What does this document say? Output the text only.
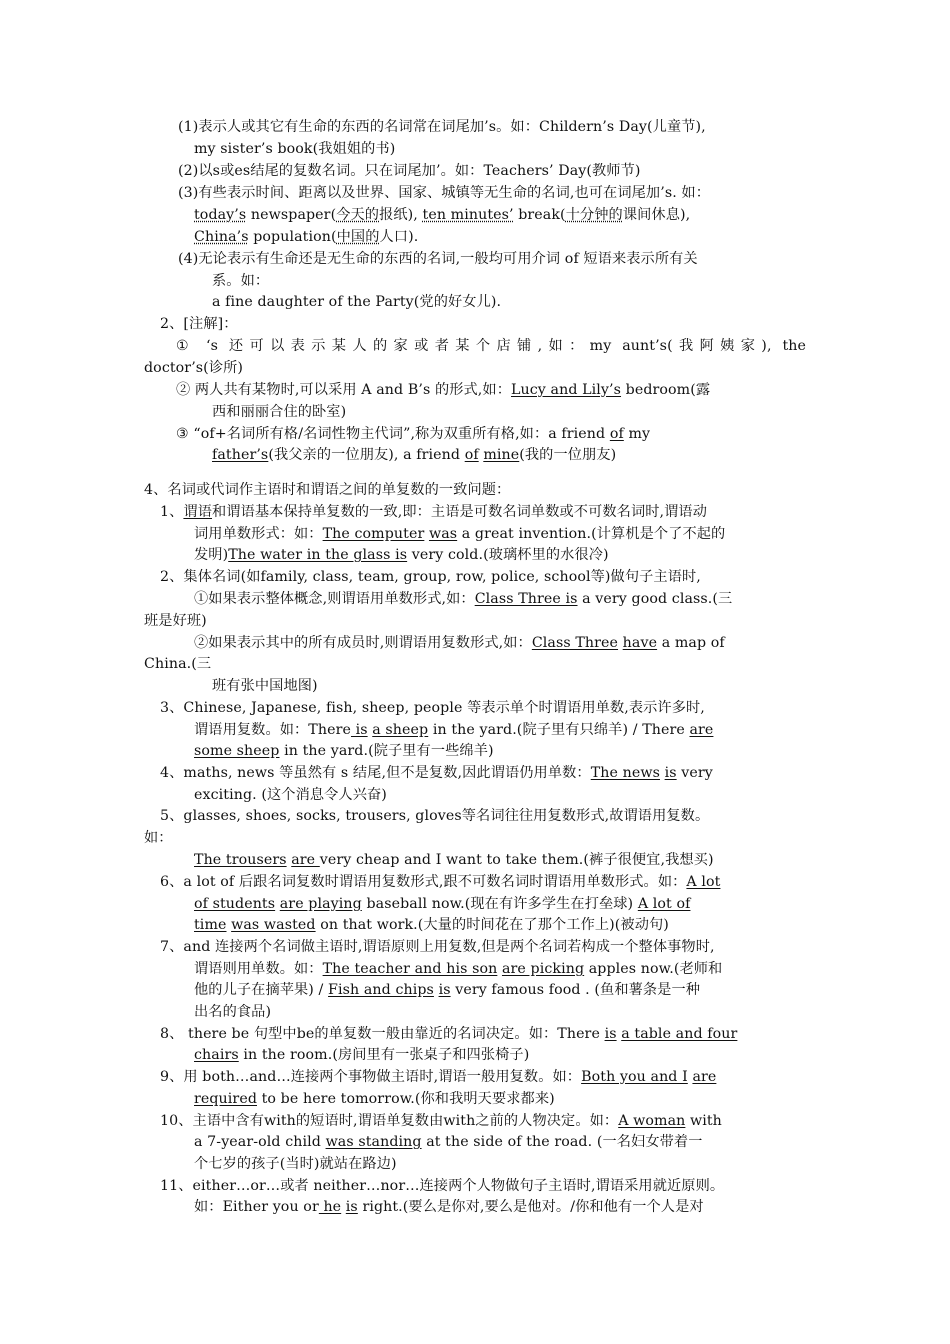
(1)表示人或其它有生命的东西的名词常在词尾加’s。如：Childern’s Day(儿童节),
my sister’s book(我姐姐的书)
(2)以s或es结尾的复数名词。只在词尾加’。如：Teachers’ Day(教师节)
(3)有些表示时间、距离以及世界、国家、城镇等无生命的名词,也可在词尾加’s. 如：
today’s newspaper(今天的报纸), ten minutes’ break(十分钟的课间休息),
China’s population(中国的人口).
(4)无论表示有生命还是无生命的东西的名词,一般均可用介词 of 短语来表示所有关
系。如：
a fine daughter of the Party(党的好女儿).
2、[注解]：
① ‘s 还可以表示某人的家或者某个店铺,如：my aunt’s(我阿姨家), the
doctor’s(诊所)
② 两人共有某物时,可以采用 A and B’s 的形式,如：Lucy and Lily’s bedroom(露
西和丽丽合住的卧室)
③ “of+名词所有格/名词性物主代词”,称为双重所有格,如：a friend of my
father’s(我父亲的一位朋友), a friend of mine(我的一位朋友)
4、名词或代词作主语时和谓语之间的单复数的一致问题：
1、谓语和谓语基本保持单复数的一致,即：主语是可数名词单数或不可数名词时,谓语动
词用单数形式：如：The computer was a great invention.(计算机是个了不起的
发明)The water in the glass is very cold.(玻璃杯里的水很冷)
2、集体名词(如family, class, team, group, row, police, school等)做句子主语时,
①如果表示整体概念,则谓语用单数形式,如：Class Three is a very good class.(三
班是好班)
②如果表示其中的所有成员时,则谓语用复数形式,如：Class Three have a map of
China.(三
班有张中国地图)
3、Chinese, Japanese, fish, sheep, people 等表示单个时谓语用单数,表示许多时,
谓语用复数。如：There is a sheep in the yard.(院子里有只绵羊) / There are
some sheep in the yard.(院子里有一些绵羊)
4、maths, news 等虽然有 s 结尾,但不是复数,因此谓语仍用单数：The news is very
exciting. (这个消息令人兴奋)
5、glasses, shoes, socks, trousers, gloves等名词往往用复数形式,故谓语用复数。
如：
The trousers are very cheap and I want to take them.(裤子很便宜,我想买)
6、a lot of 后跟名词复数时谓语用复数形式,跟不可数名词时谓语用单数形式。如：A lot
of students are playing baseball now.(现在有许多学生在打垒球) A lot of
time was wasted on that work.(大量的时间花在了那个工作上)(被动句)
7、and 连接两个名词做主语时,谓语原则上用复数,但是两个名词若构成一个整体事物时,
谓语则用单数。如：The teacher and his son are picking apples now.(老师和
他的儿子在摘苹果) / Fish and chips is very famous food . (鱼和薯条是一种
出名的食品)
8、 there be 句型中be的单复数一般由靠近的名词决定。如：There is a table and four
chairs in the room.(房间里有一张桌子和四张椅子)
9、用 both…and…连接两个事物做主语时,谓语一般用复数。如：Both you and I are
required to be here tomorrow.(你和我明天要求都来)
10、主语中含有with的短语时,谓语单复数由with之前的人物决定。如：A woman with
a 7-year-old child was standing at the side of the road. (一名妇女带着一
个七岁的孩子(当时)就站在路边)
11、either…or…或者 neither…nor…连接两个人物做句子主语时,谓语采用就近原则。
如：Either you or he is right.(要么是你对,要么是他对。/你和他有一个人是对
